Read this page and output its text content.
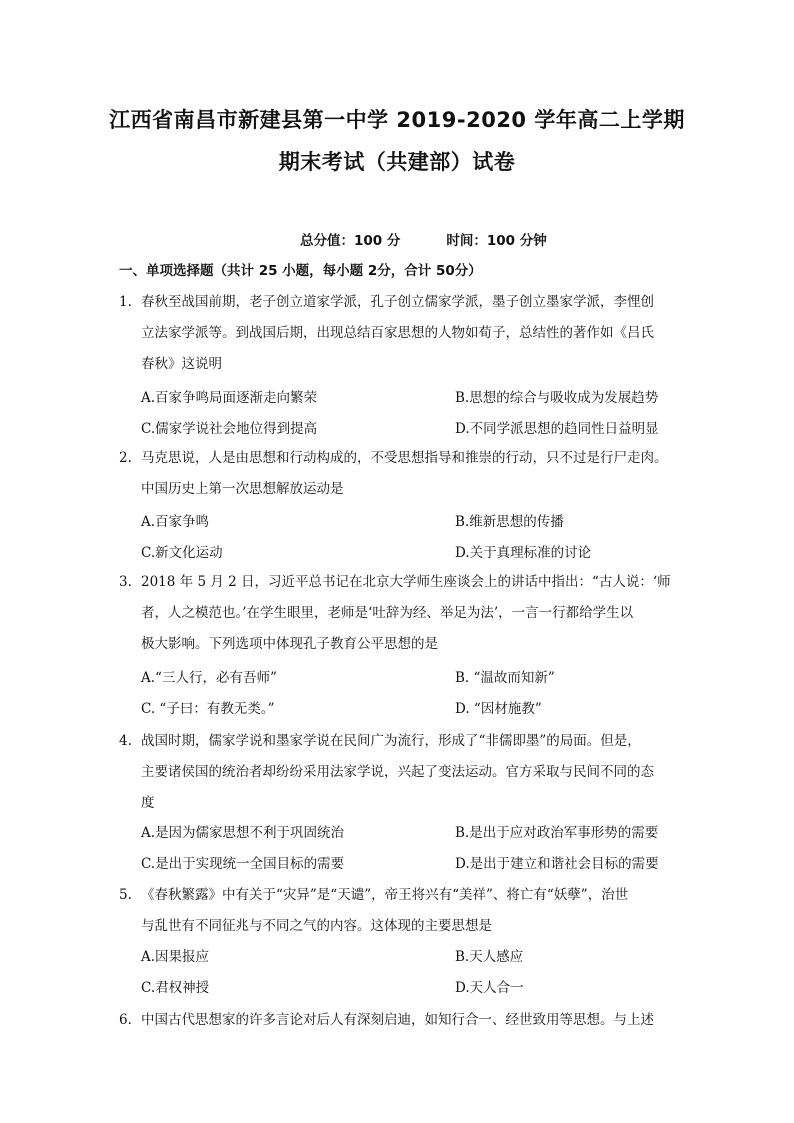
江西省南昌市新建县第一中学 2019-2020 学年高二上学期
期末考试（共建部）试卷
总分值：100 分	时间：100 分钟
一、单项选择题（共计 25 小题，每小题 2分，合计 50分）
1. 春秋至战国前期，老子创立道家学派，孔子创立儒家学派，墨子创立墨家学派，李悝创
立法家学派等。到战国后期，出现总结百家思想的人物如荀子，总结性的著作如《吕氏
春秋》这说明
A.百家争鸣局面逐渐走向繁荣	B.思想的综合与吸收成为发展趋势
C.儒家学说社会地位得到提高	D.不同学派思想的趋同性日益明显
2. 马克思说，人是由思想和行动构成的，不受思想指导和推崇的行动，只不过是行尸走肉。
中国历史上第一次思想解放运动是
A.百家争鸣	B.维新思想的传播
C.新文化运动	D.关于真理标准的讨论
3. 2018 年 5 月 2 日，习近平总书记在北京大学师生座谈会上的讲话中指出：“古人说：‘师
者，人之模范也。’在学生眼里，老师是‘吐辞为经、举足为法’，一言一行都给学生以
极大影响。下列选项中体现孔子教育公平思想的是
A.“三人行，必有吾师”	B. “温故而知新”
C. “子曰：有教无类。”	D. “因材施教”
4. 战国时期，儒家学说和墨家学说在民间广为流行，形成了“非儒即墨”的局面。但是，
主要诸侯国的统治者却纷纷采用法家学说，兴起了变法运动。官方采取与民间不同的态
度
A.是因为儒家思想不利于巩固统治	B.是出于应对政治军事形势的需要
C.是出于实现统一全国目标的需要	D.是出于建立和谐社会目标的需要
5. 《春秋繁露》中有关于“灾异”是“天谴”，帝王将兴有“美祥”、将亡有“妖孽”，治世
与乱世有不同征兆与不同之气的内容。这体现的主要思想是
A.因果报应	B.天人感应
C.君权神授	D.天人合一
6. 中国古代思想家的许多言论对后人有深刻启迪，如知行合一、经世致用等思想。与上述
